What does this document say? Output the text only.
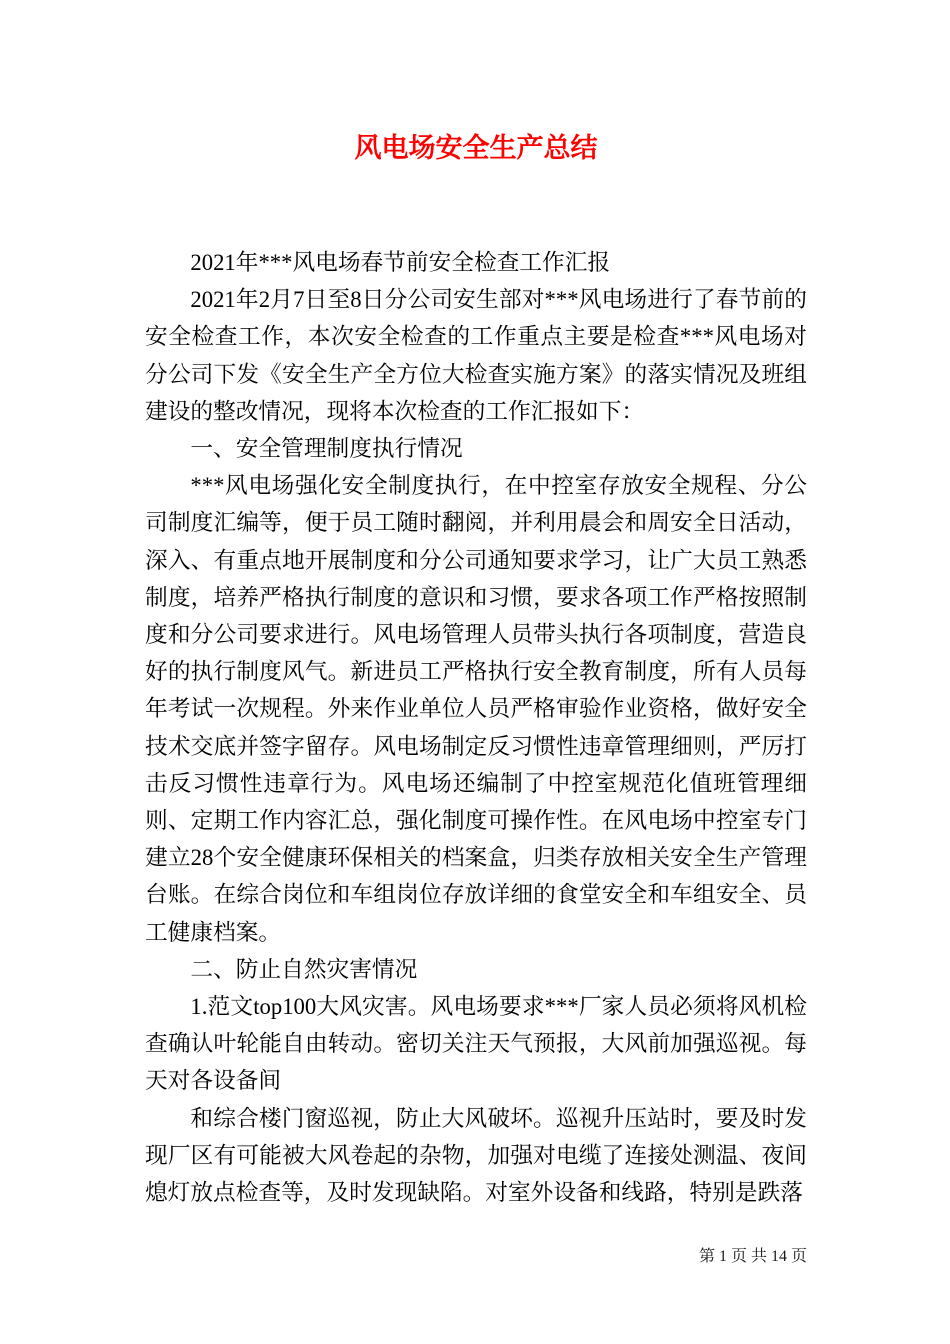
风电场安全生产总结

2021年***风电场春节前安全检查工作汇报

2021年2月7日至8日分公司安生部对***风电场进行了春节前的安全检查工作，本次安全检查的工作重点主要是检查***风电场对分公司下发《安全生产全方位大检查实施方案》的落实情况及班组建设的整改情况，现将本次检查的工作汇报如下：

一、安全管理制度执行情况

***风电场强化安全制度执行，在中控室存放安全规程、分公司制度汇编等，便于员工随时翻阅，并利用晨会和周安全日活动，深入、有重点地开展制度和分公司通知要求学习，让广大员工熟悉制度，培养严格执行制度的意识和习惯，要求各项工作严格按照制度和分公司要求进行。风电场管理人员带头执行各项制度，营造良好的执行制度风气。新进员工严格执行安全教育制度，所有人员每年考试一次规程。外来作业单位人员严格审验作业资格，做好安全技术交底并签字留存。风电场制定反习惯性违章管理细则，严厉打击反习惯性违章行为。风电场还编制了中控室规范化值班管理细则、定期工作内容汇总，强化制度可操作性。在风电场中控室专门建立28个安全健康环保相关的档案盒，归类存放相关安全生产管理台账。在综合岗位和车组岗位存放详细的食堂安全和车组安全、员工健康档案。

二、防止自然灾害情况

1.范文top100大风灾害。风电场要求***厂家人员必须将风机检查确认叶轮能自由转动。密切关注天气预报，大风前加强巡视。每天对各设备间

和综合楼门窗巡视，防止大风破坏。巡视升压站时，要及时发现厂区有可能被大风卷起的杂物，加强对电缆了连接处测温、夜间熄灯放点检查等，及时发现缺陷。对室外设备和线路，特别是跌落

第 1 页 共 14 页
